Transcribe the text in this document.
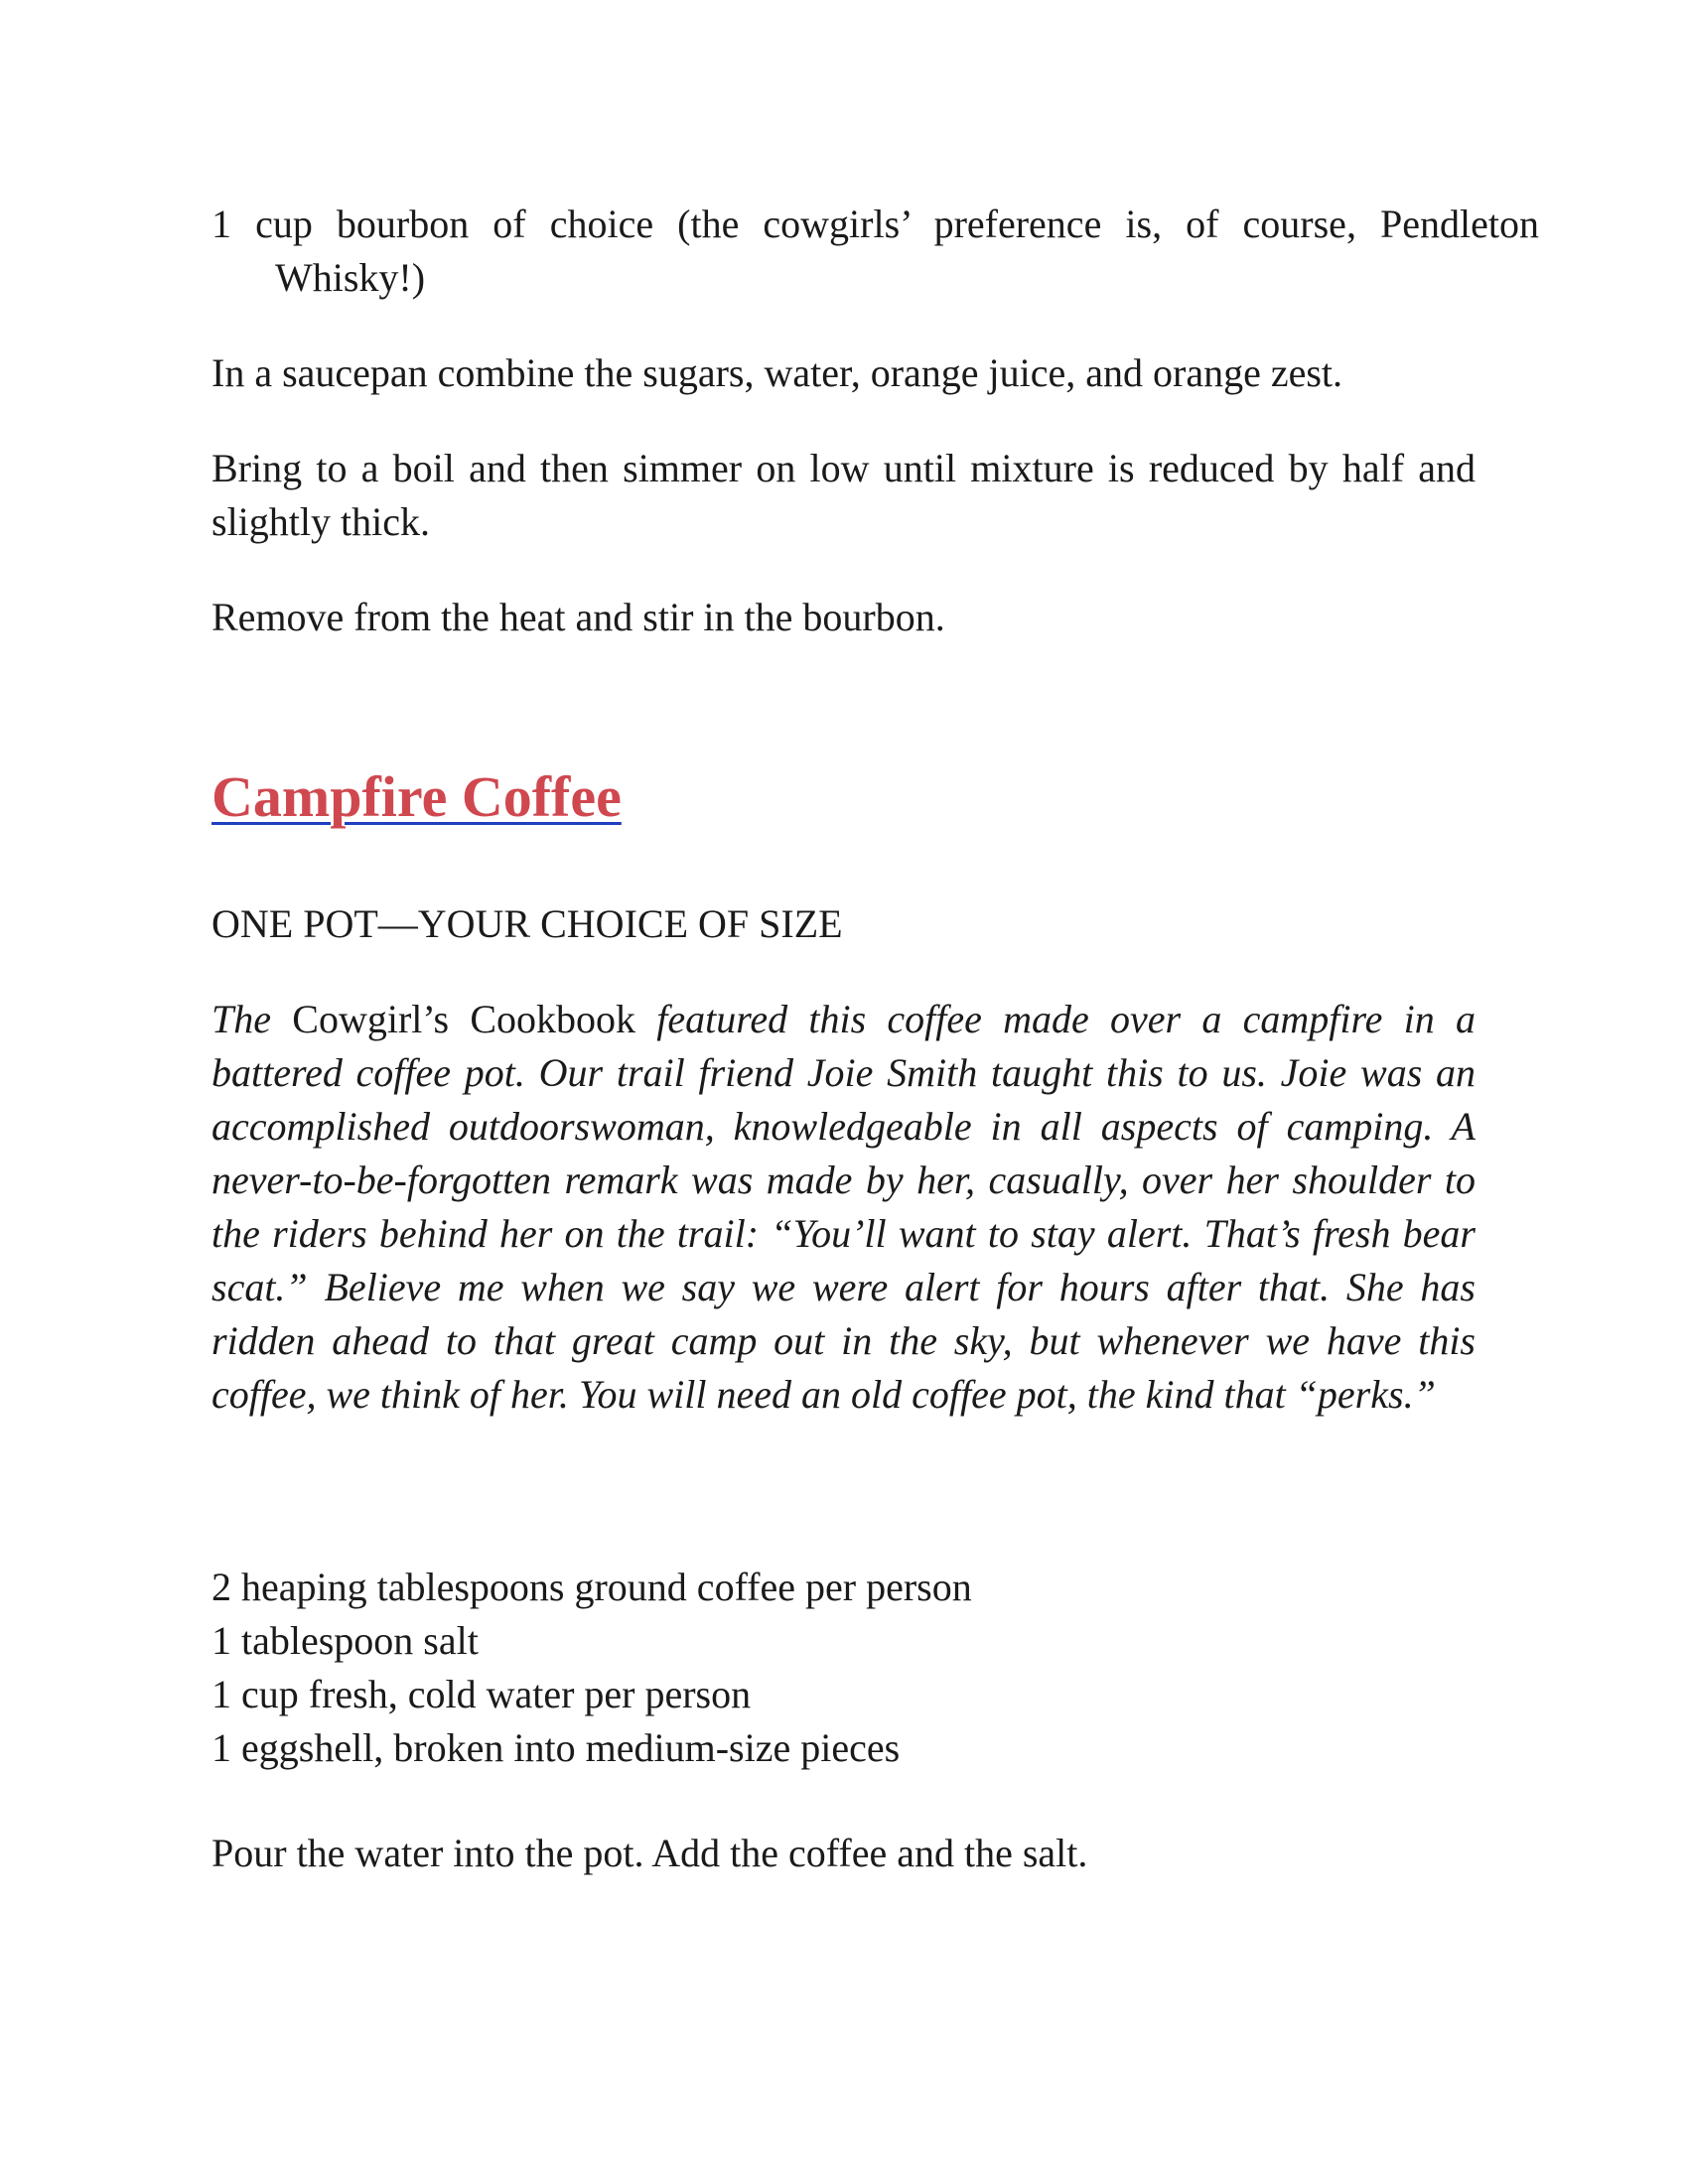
1 cup bourbon of choice (the cowgirls’ preference is, of course, Pendleton Whisky!)

In a saucepan combine the sugars, water, orange juice, and orange zest.

Bring to a boil and then simmer on low until mixture is reduced by half and slightly thick.

Remove from the heat and stir in the bourbon.

Campfire Coffee

ONE POT—YOUR CHOICE OF SIZE

The Cowgirl’s Cookbook featured this coffee made over a campfire in a battered coffee pot. Our trail friend Joie Smith taught this to us. Joie was an accomplished outdoorswoman, knowledgeable in all aspects of camping. A never-to-be-forgotten remark was made by her, casually, over her shoulder to the riders behind her on the trail: “You’ll want to stay alert. That’s fresh bear scat.” Believe me when we say we were alert for hours after that. She has ridden ahead to that great camp out in the sky, but whenever we have this coffee, we think of her. You will need an old coffee pot, the kind that “perks.”

2 heaping tablespoons ground coffee per person
1 tablespoon salt
1 cup fresh, cold water per person
1 eggshell, broken into medium-size pieces

Pour the water into the pot. Add the coffee and the salt.
